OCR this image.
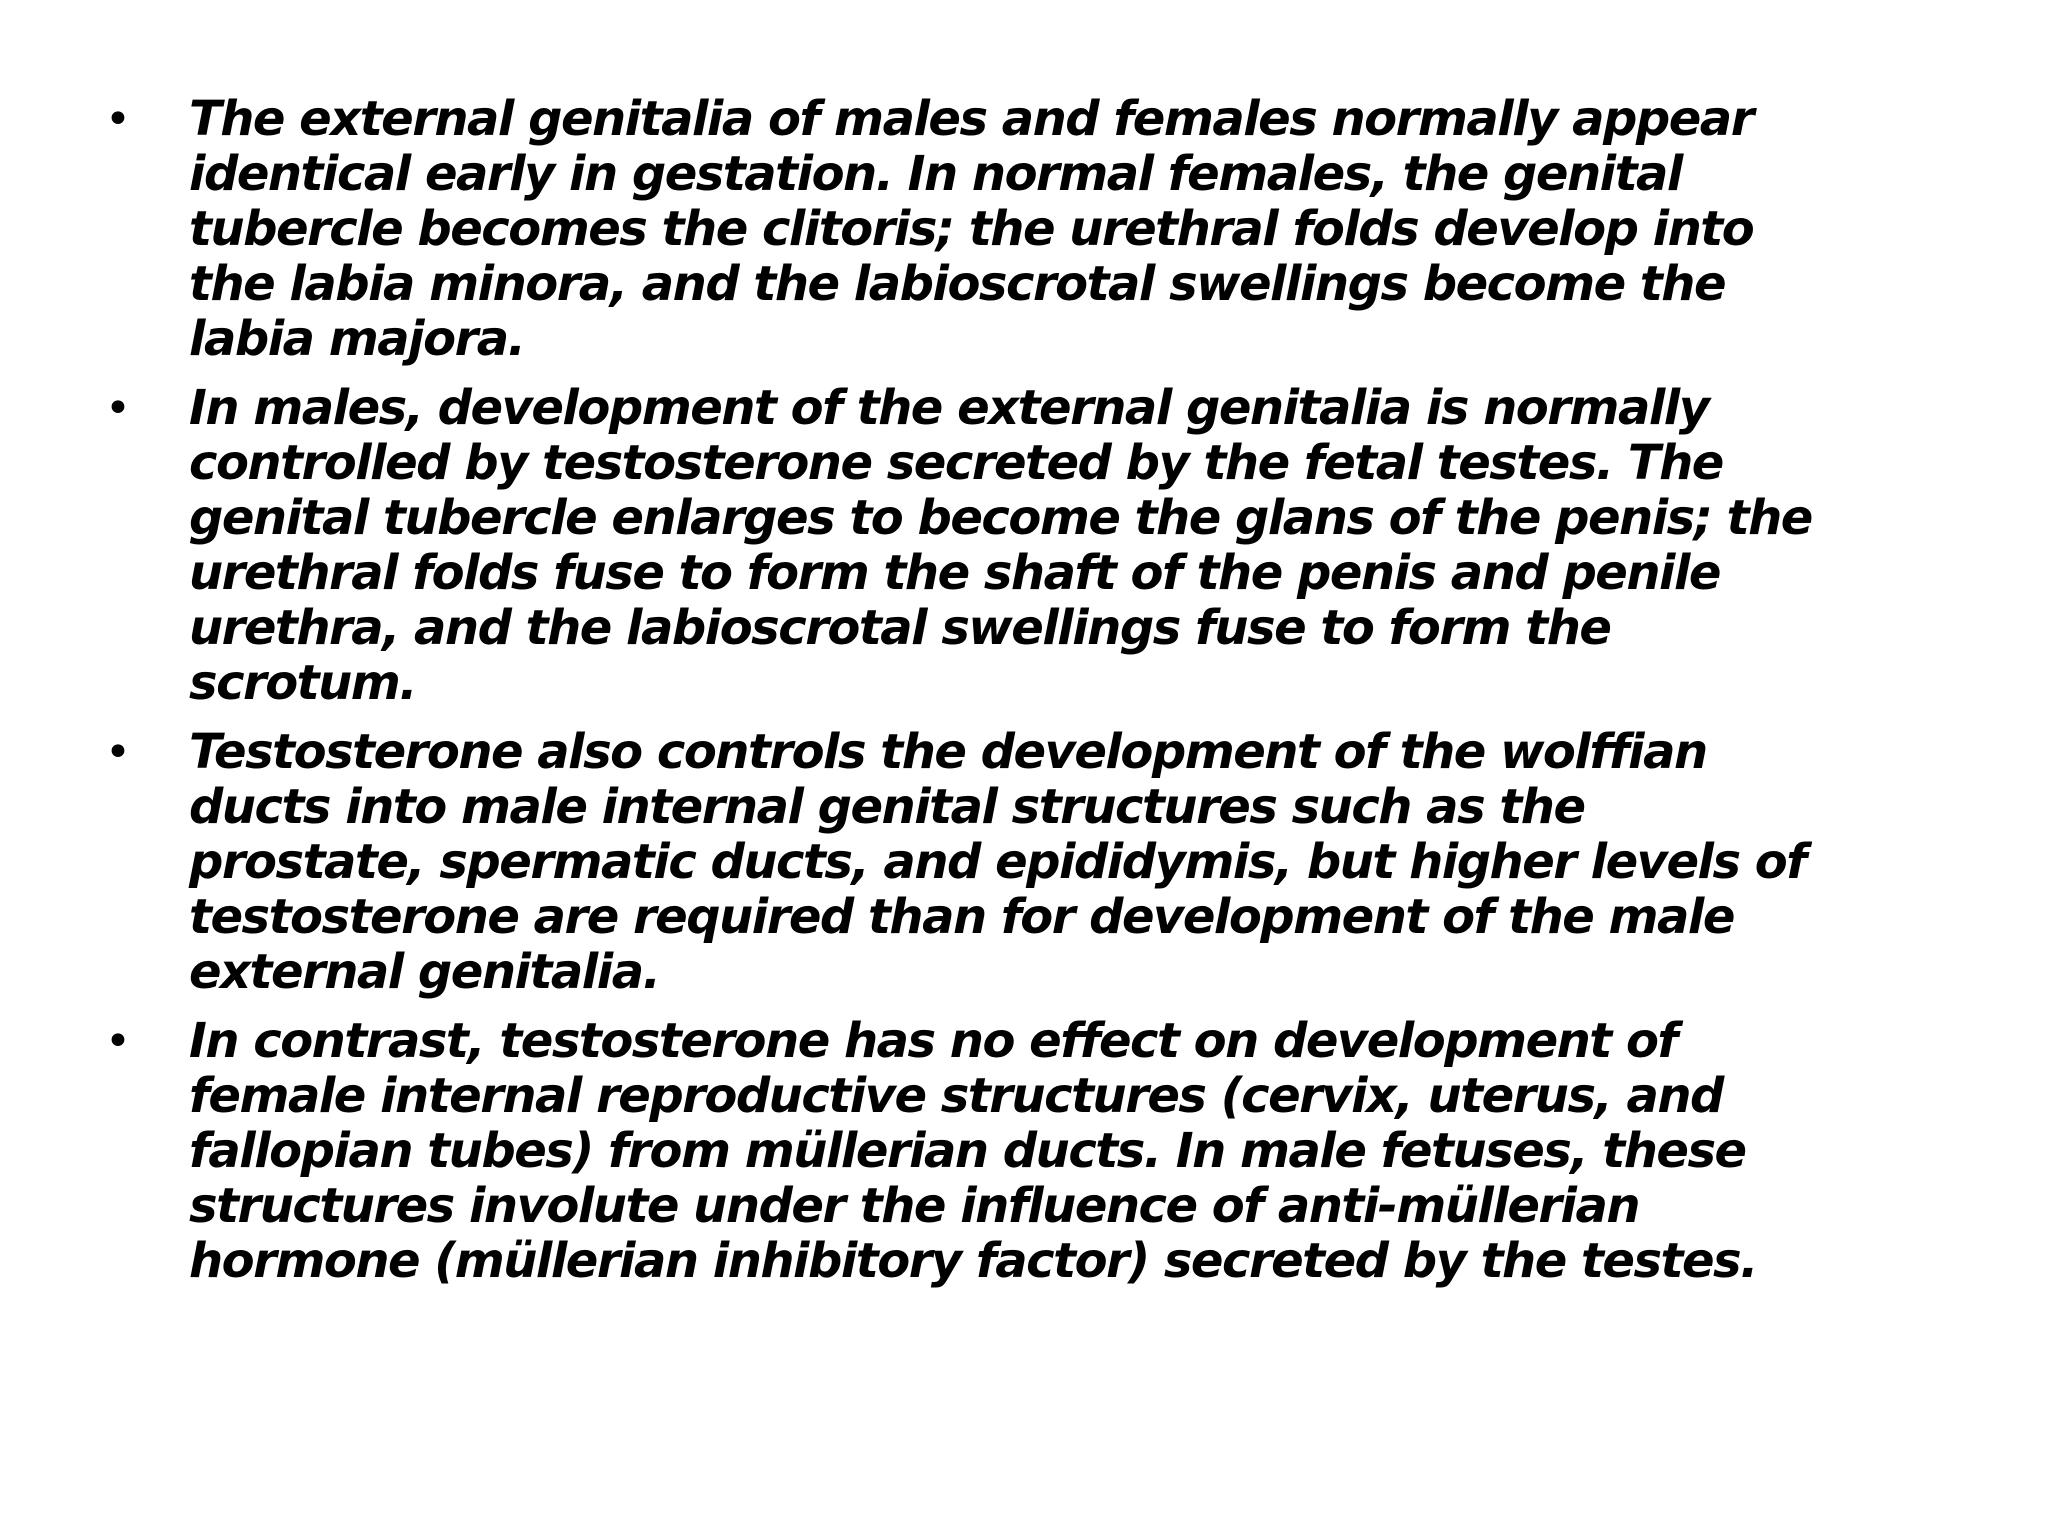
• The external genitalia of males and females normally appear
identical early in gestation. In normal females, the genital
tubercle becomes the clitoris; the urethral folds develop into
the labia minora, and the labioscrotal swellings become the
labia majora.
• In males, development of the external genitalia is normally
controlled by testosterone secreted by the fetal testes. The
genital tubercle enlarges to become the glans of the penis; the
urethral folds fuse to form the shaft of the penis and penile
urethra, and the labioscrotal swellings fuse to form the
scrotum.
• Testosterone also controls the development of the wolffian
ducts into male internal genital structures such as the
prostate, spermatic ducts, and epididymis, but higher levels of
testosterone are required than for development of the male
external genitalia.
• In contrast, testosterone has no effect on development of
female internal reproductive structures (cervix, uterus, and
fallopian tubes) from müllerian ducts. In male fetuses, these
structures involute under the influence of anti-müllerian
hormone (müllerian inhibitory factor) secreted by the testes.
